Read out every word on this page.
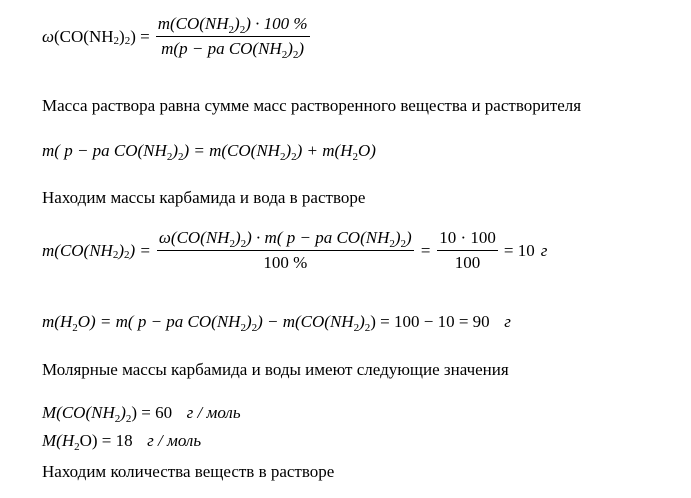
ω (CO(NH 2 ) 2 ) = $\frac{m(CO(NH_2)_2) \cdot 100 \%}{m(p - pa CO(NH_2)_2)}$
Масса раствора равна сумме масс растворенного вещества и растворителя
m( p − pa $CO(NH_2)_2) = m(CO(NH_2)_2) + m(H_2O)$
Находим массы карбамида и вода в растворе
m(CO(NH 2 ) 2 ) = $\frac{\omega(CO(NH_2)_2) \cdot m( p - pa CO(NH_2)_2)}{100 \%} = \frac{10 \cdot 100}{100} = 10$ г
$m(H_2O) = m$( p − pa $CO(NH_2)_2) - m(CO(NH_2)_2) = 100 - 10 = 90$ г
Молярные массы карбамида и воды имеют следующие значения
$M(CO(NH_2)_2) = 60$ г / моль
$M(H_2O) = 18$ г / моль
Находим количества веществ в растворе
